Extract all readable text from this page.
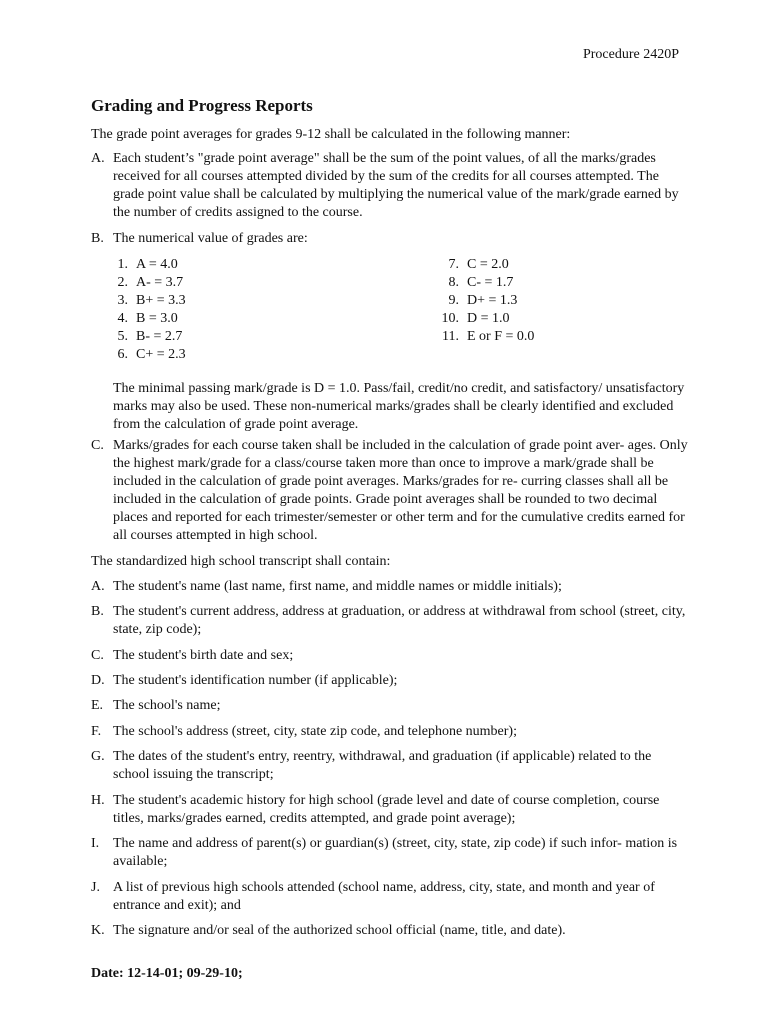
Procedure 2420P
Grading and Progress Reports
The grade point averages for grades 9-12 shall be calculated in the following manner:
A. Each student’s "grade point average" shall be the sum of the point values, of all the marks/grades received for all courses attempted divided by the sum of the credits for all courses attempted. The grade point value shall be calculated by multiplying the numerical value of the mark/grade earned by the number of credits assigned to the course.
B. The numerical value of grades are:
1. A = 4.0
2. A- = 3.7
3. B+ = 3.3
4. B = 3.0
5. B- = 2.7
6. C+ = 2.3
7. C = 2.0
8. C- = 1.7
9. D+ = 1.3
10. D = 1.0
11. E or F = 0.0
The minimal passing mark/grade is D = 1.0. Pass/fail, credit/no credit, and satisfactory/ unsatisfactory marks may also be used. These non-numerical marks/grades shall be clearly identified and excluded from the calculation of grade point average.
C. Marks/grades for each course taken shall be included in the calculation of grade point aver- ages. Only the highest mark/grade for a class/course taken more than once to improve a mark/grade shall be included in the calculation of grade point averages. Marks/grades for re- curring classes shall all be included in the calculation of grade points. Grade point averages shall be rounded to two decimal places and reported for each trimester/semester or other term and for the cumulative credits earned for all courses attempted in high school.
The standardized high school transcript shall contain:
A. The student's name (last name, first name, and middle names or middle initials);
B. The student's current address, address at graduation, or address at withdrawal from school (street, city, state, zip code);
C. The student's birth date and sex;
D. The student's identification number (if applicable);
E. The school's name;
F. The school's address (street, city, state zip code, and telephone number);
G. The dates of the student's entry, reentry, withdrawal, and graduation (if applicable) related to the school issuing the transcript;
H. The student's academic history for high school (grade level and date of course completion, course titles, marks/grades earned, credits attempted, and grade point average);
I. The name and address of parent(s) or guardian(s) (street, city, state, zip code) if such infor- mation is available;
J. A list of previous high schools attended (school name, address, city, state, and month and year of entrance and exit); and
K. The signature and/or seal of the authorized school official (name, title, and date).
Date: 12-14-01; 09-29-10;
